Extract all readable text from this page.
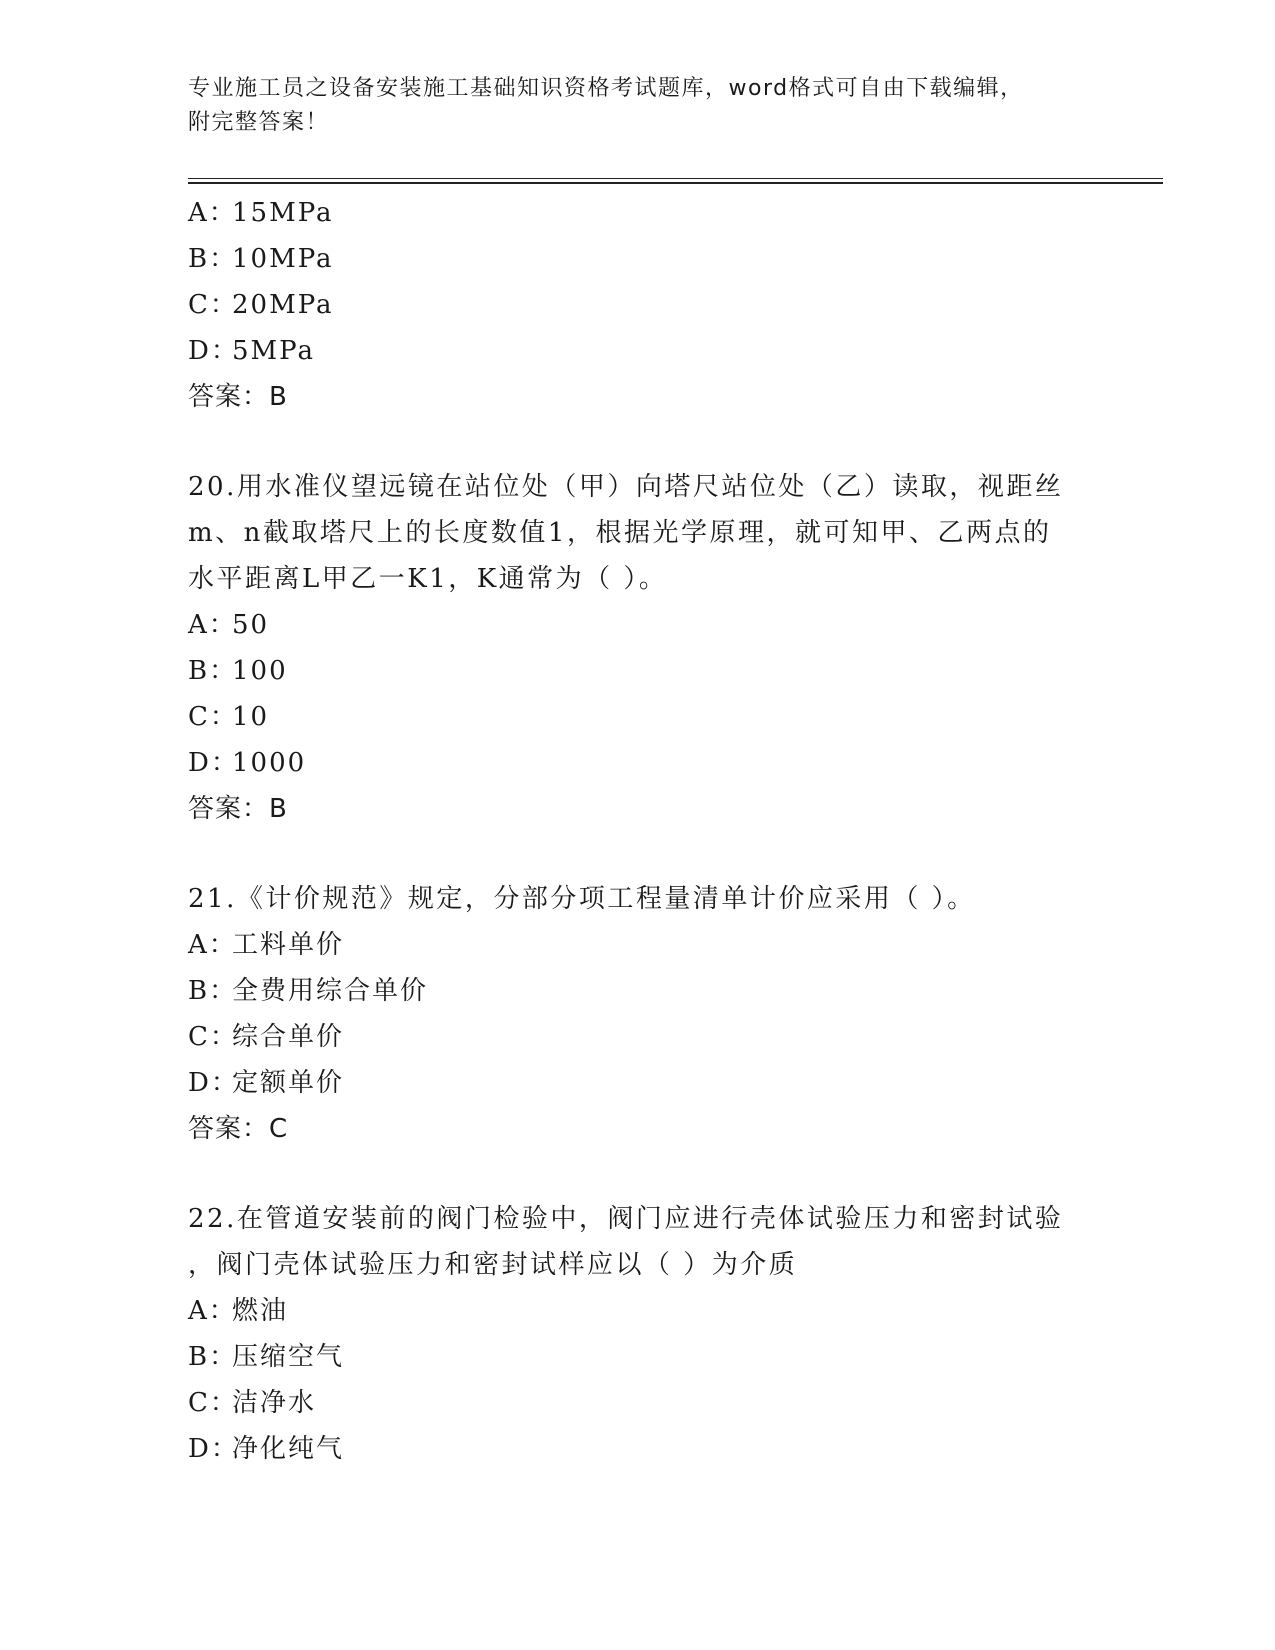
专业施工员之设备安装施工基础知识资格考试题库，word格式可自由下载编辑，
附完整答案！
A：15MPa
B：10MPa
C：20MPa
D：5MPa
答案：B
20.用水准仪望远镜在站位处（甲）向塔尺站位处（乙）读取，视距丝
m、n截取塔尺上的长度数值1，根据光学原理，就可知甲、乙两点的
水平距离L甲乙一K1，K通常为（ ）。
A：50
B：100
C：10
D：1000
答案：B
21.《计价规范》规定，分部分项工程量清单计价应采用（ ）。
A：工料单价
B：全费用综合单价
C：综合单价
D：定额单价
答案：C
22.在管道安装前的阀门检验中，阀门应进行壳体试验压力和密封试验
，阀门壳体试验压力和密封试样应以（ ）为介质
A：燃油
B：压缩空气
C：洁净水
D：净化纯气
